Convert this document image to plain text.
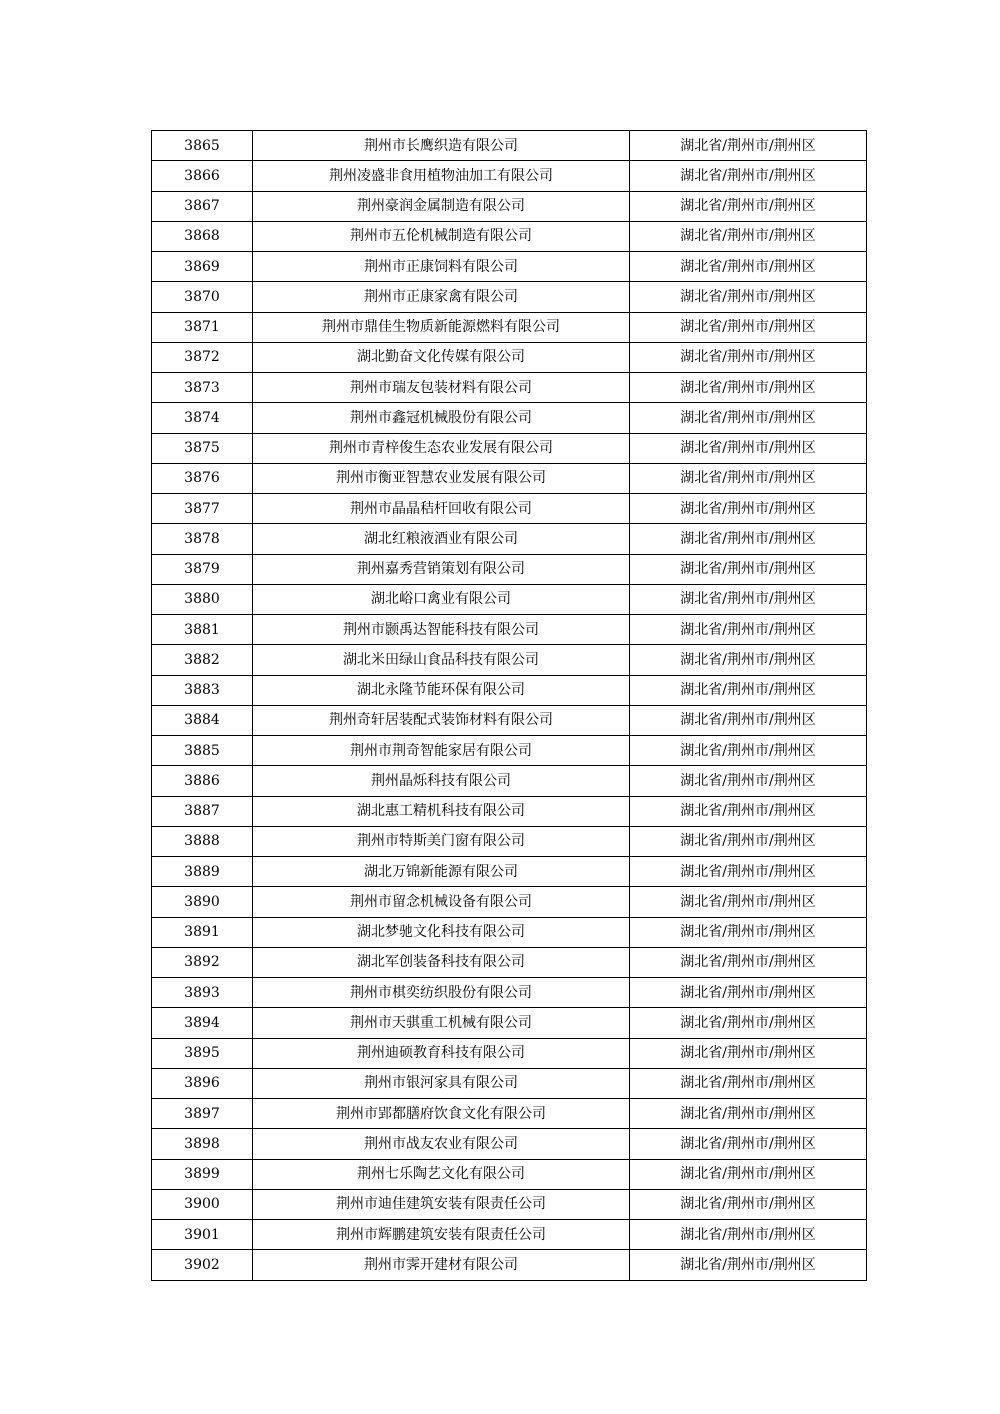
3865	荆州市长鹰织造有限公司	湖北省/荆州市/荆州区
3866	荆州凌盛非食用植物油加工有限公司	湖北省/荆州市/荆州区
3867	荆州豪润金属制造有限公司	湖北省/荆州市/荆州区
3868	荆州市五伦机械制造有限公司	湖北省/荆州市/荆州区
3869	荆州市正康饲料有限公司	湖北省/荆州市/荆州区
3870	荆州市正康家禽有限公司	湖北省/荆州市/荆州区
3871	荆州市鼎佳生物质新能源燃料有限公司	湖北省/荆州市/荆州区
3872	湖北勤奋文化传媒有限公司	湖北省/荆州市/荆州区
3873	荆州市瑞友包装材料有限公司	湖北省/荆州市/荆州区
3874	荆州市鑫冠机械股份有限公司	湖北省/荆州市/荆州区
3875	荆州市青梓俊生态农业发展有限公司	湖北省/荆州市/荆州区
3876	荆州市衡亚智慧农业发展有限公司	湖北省/荆州市/荆州区
3877	荆州市晶晶秸杆回收有限公司	湖北省/荆州市/荆州区
3878	湖北红粮液酒业有限公司	湖北省/荆州市/荆州区
3879	荆州嘉秀营销策划有限公司	湖北省/荆州市/荆州区
3880	湖北峪口禽业有限公司	湖北省/荆州市/荆州区
3881	荆州市颢禹达智能科技有限公司	湖北省/荆州市/荆州区
3882	湖北米田绿山食品科技有限公司	湖北省/荆州市/荆州区
3883	湖北永隆节能环保有限公司	湖北省/荆州市/荆州区
3884	荆州奇轩居装配式装饰材料有限公司	湖北省/荆州市/荆州区
3885	荆州市荆奇智能家居有限公司	湖北省/荆州市/荆州区
3886	荆州晶烁科技有限公司	湖北省/荆州市/荆州区
3887	湖北惠工精机科技有限公司	湖北省/荆州市/荆州区
3888	荆州市特斯美门窗有限公司	湖北省/荆州市/荆州区
3889	湖北万锦新能源有限公司	湖北省/荆州市/荆州区
3890	荆州市留念机械设备有限公司	湖北省/荆州市/荆州区
3891	湖北梦驰文化科技有限公司	湖北省/荆州市/荆州区
3892	湖北军创装备科技有限公司	湖北省/荆州市/荆州区
3893	荆州市棋奕纺织股份有限公司	湖北省/荆州市/荆州区
3894	荆州市天骐重工机械有限公司	湖北省/荆州市/荆州区
3895	荆州迪硕教育科技有限公司	湖北省/荆州市/荆州区
3896	荆州市银河家具有限公司	湖北省/荆州市/荆州区
3897	荆州市郢都膳府饮食文化有限公司	湖北省/荆州市/荆州区
3898	荆州市战友农业有限公司	湖北省/荆州市/荆州区
3899	荆州七乐陶艺文化有限公司	湖北省/荆州市/荆州区
3900	荆州市迪佳建筑安装有限责任公司	湖北省/荆州市/荆州区
3901	荆州市辉鹏建筑安装有限责任公司	湖北省/荆州市/荆州区
3902	荆州市霁开建材有限公司	湖北省/荆州市/荆州区
